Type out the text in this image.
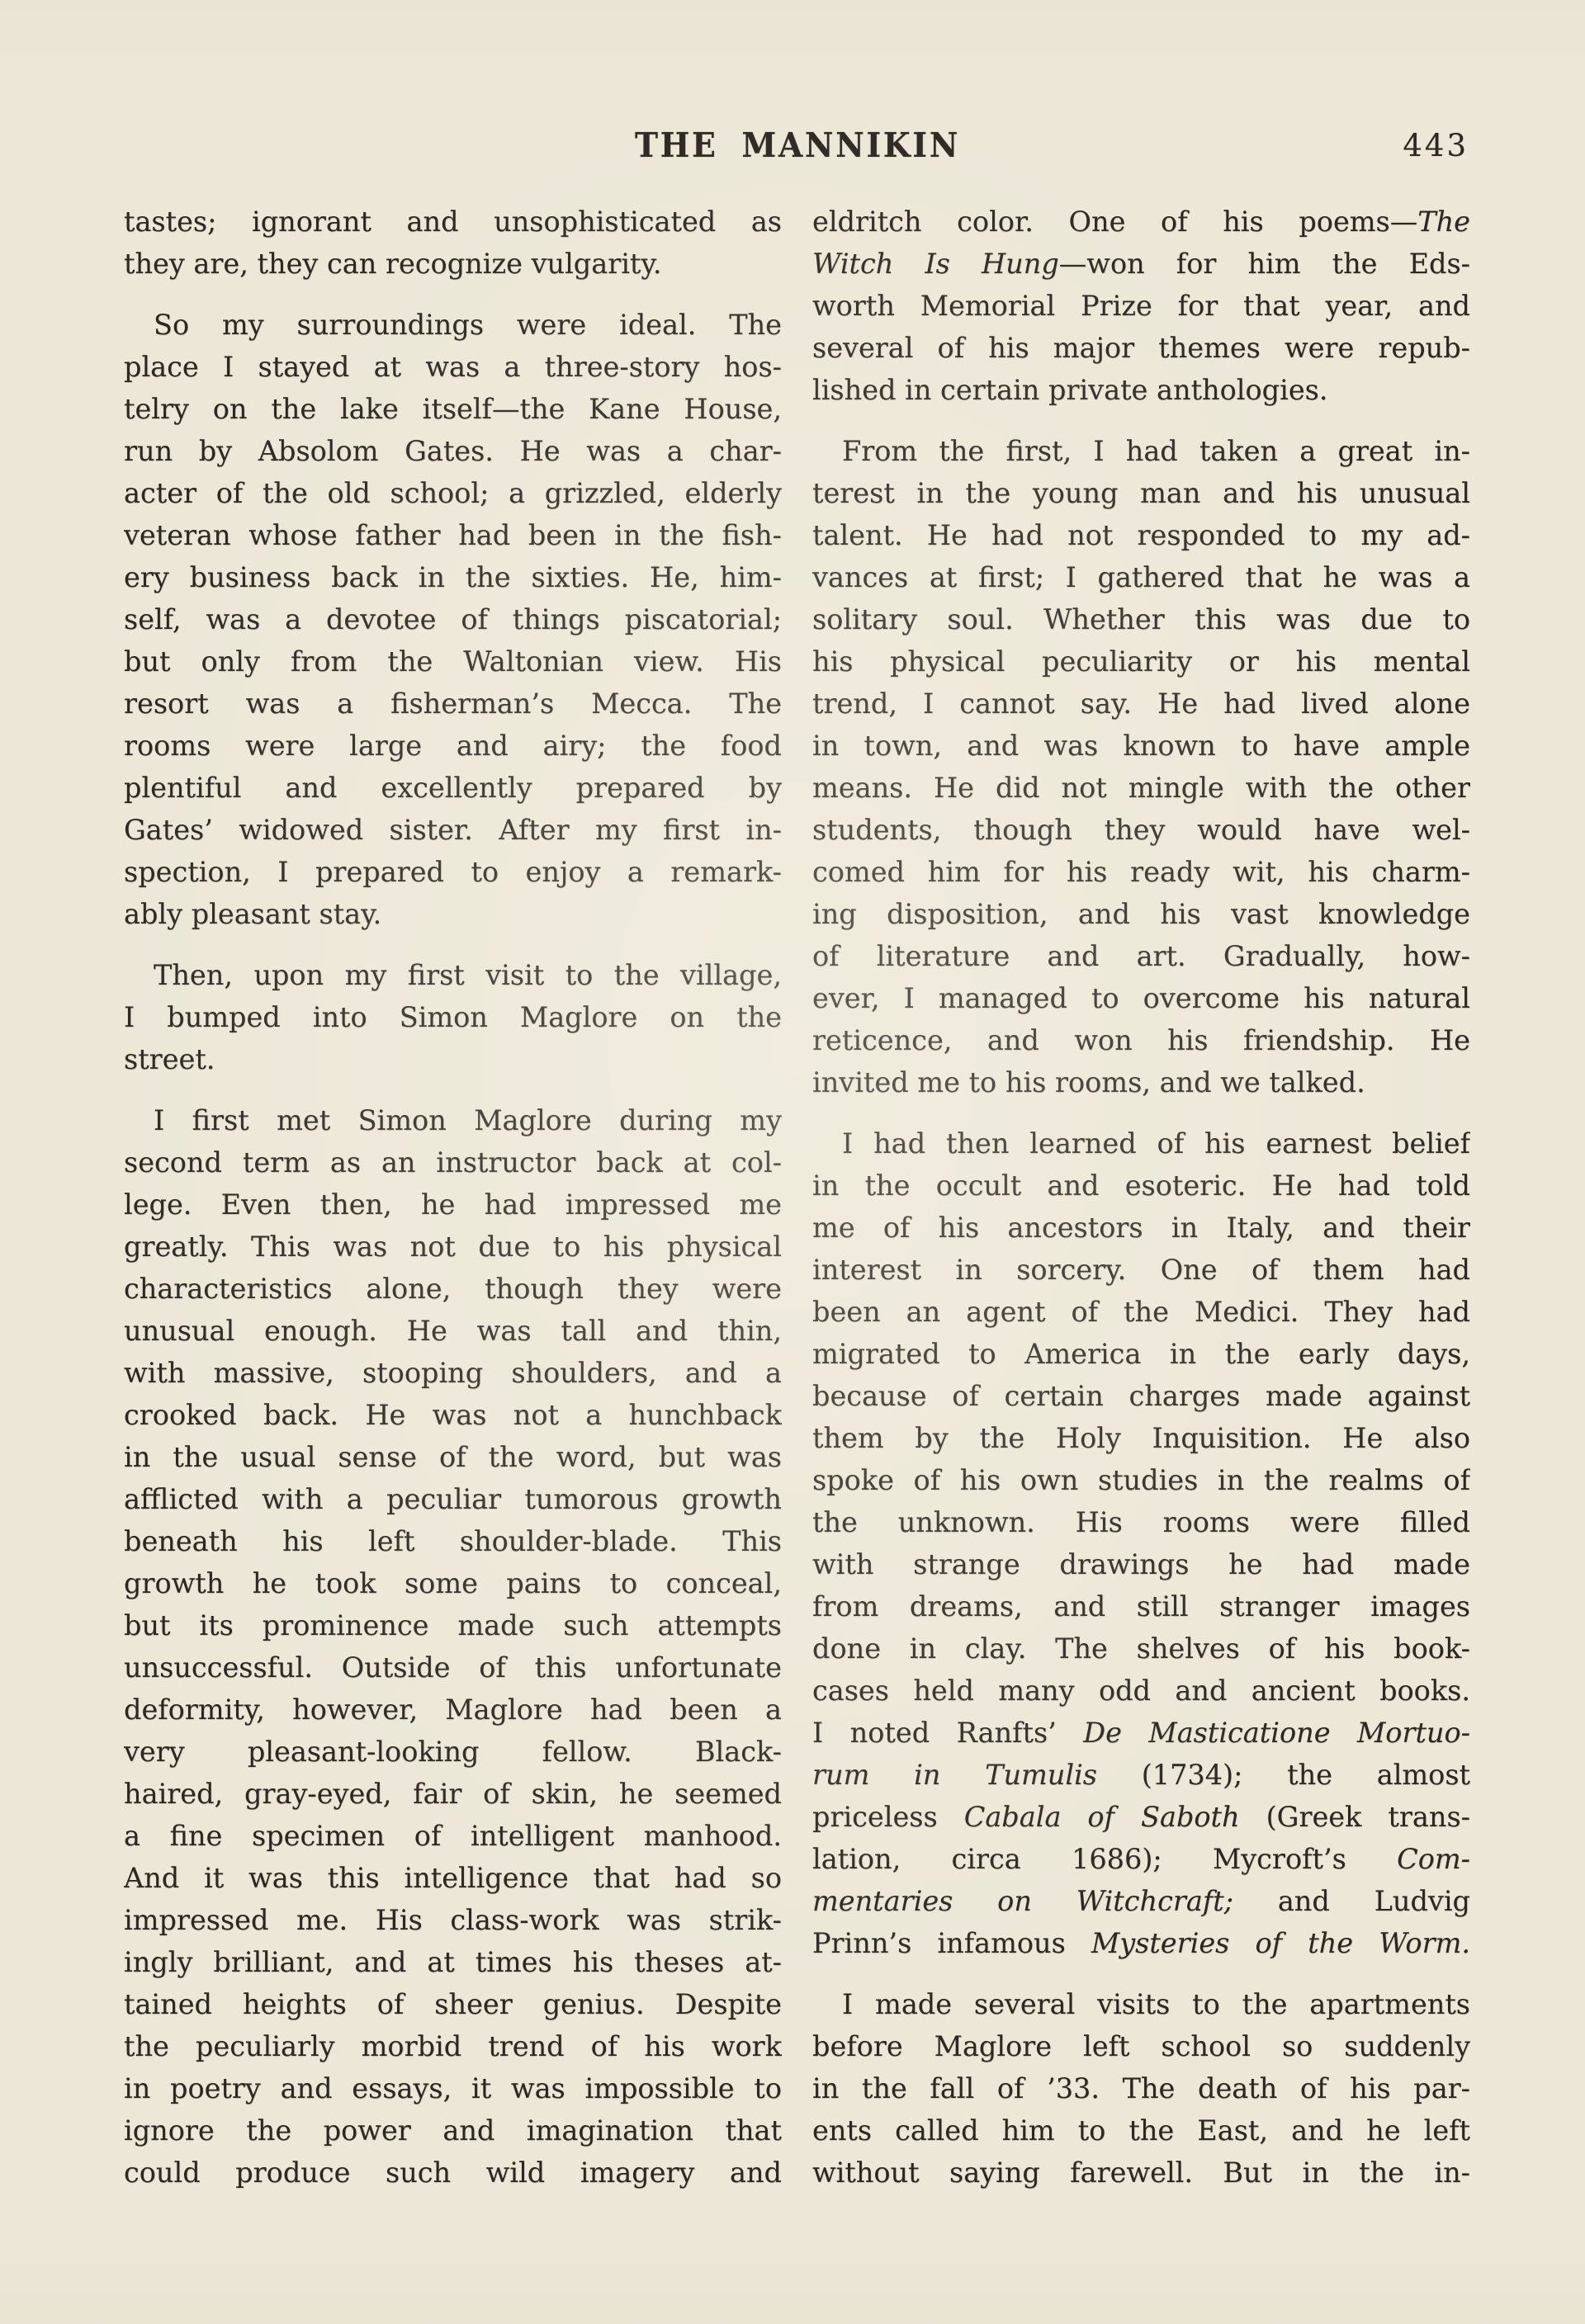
THE MANNIKIN	443
tastes; ignorant and unsophisticated as
they are, they can recognize vulgarity.
So my surroundings were ideal. The
place I stayed at was a three-story hos-
telry on the lake itself—the Kane House,
run by Absolom Gates. He was a char-
acter of the old school; a grizzled, elderly
veteran whose father had been in the fish-
ery business back in the sixties. He, him-
self, was a devotee of things piscatorial;
but only from the Waltonian view. His
resort was a fisherman’s Mecca. The
rooms were large and airy; the food
plentiful and excellently prepared by
Gates’ widowed sister. After my first in-
spection, I prepared to enjoy a remark-
ably pleasant stay.
Then, upon my first visit to the village,
I bumped into Simon Maglore on the
street.
I first met Simon Maglore during my
second term as an instructor back at col-
lege. Even then, he had impressed me
greatly. This was not due to his physical
characteristics alone, though they were
unusual enough. He was tall and thin,
with massive, stooping shoulders, and a
crooked back. He was not a hunchback
in the usual sense of the word, but was
afflicted with a peculiar tumorous growth
beneath his left shoulder-blade. This
growth he took some pains to conceal,
but its prominence made such attempts
unsuccessful. Outside of this unfortunate
deformity, however, Maglore had been a
very pleasant-looking fellow. Black-
haired, gray-eyed, fair of skin, he seemed
a fine specimen of intelligent manhood.
And it was this intelligence that had so
impressed me. His class-work was strik-
ingly brilliant, and at times his theses at-
tained heights of sheer genius. Despite
the peculiarly morbid trend of his work
in poetry and essays, it was impossible to
ignore the power and imagination that
could produce such wild imagery and
eldritch color. One of his poems—The
Witch Is Hung—won for him the Eds-
worth Memorial Prize for that year, and
several of his major themes were repub-
lished in certain private anthologies.
From the first, I had taken a great in-
terest in the young man and his unusual
talent. He had not responded to my ad-
vances at first; I gathered that he was a
solitary soul. Whether this was due to
his physical peculiarity or his mental
trend, I cannot say. He had lived alone
in town, and was known to have ample
means. He did not mingle with the other
students, though they would have wel-
comed him for his ready wit, his charm-
ing disposition, and his vast knowledge
of literature and art. Gradually, how-
ever, I managed to overcome his natural
reticence, and won his friendship. He
invited me to his rooms, and we talked.
I had then learned of his earnest belief
in the occult and esoteric. He had told
me of his ancestors in Italy, and their
interest in sorcery. One of them had
been an agent of the Medici. They had
migrated to America in the early days,
because of certain charges made against
them by the Holy Inquisition. He also
spoke of his own studies in the realms of
the unknown. His rooms were filled
with strange drawings he had made
from dreams, and still stranger images
done in clay. The shelves of his book-
cases held many odd and ancient books.
I noted Ranfts’ De Masticatione Mortuo-
rum in Tumulis (1734); the almost
priceless Cabala of Saboth (Greek trans-
lation, circa 1686); Mycroft’s Com-
mentaries on Witchcraft; and Ludvig
Prinn’s infamous Mysteries of the Worm.
I made several visits to the apartments
before Maglore left school so suddenly
in the fall of ’33. The death of his par-
ents called him to the East, and he left
without saying farewell. But in the in-
